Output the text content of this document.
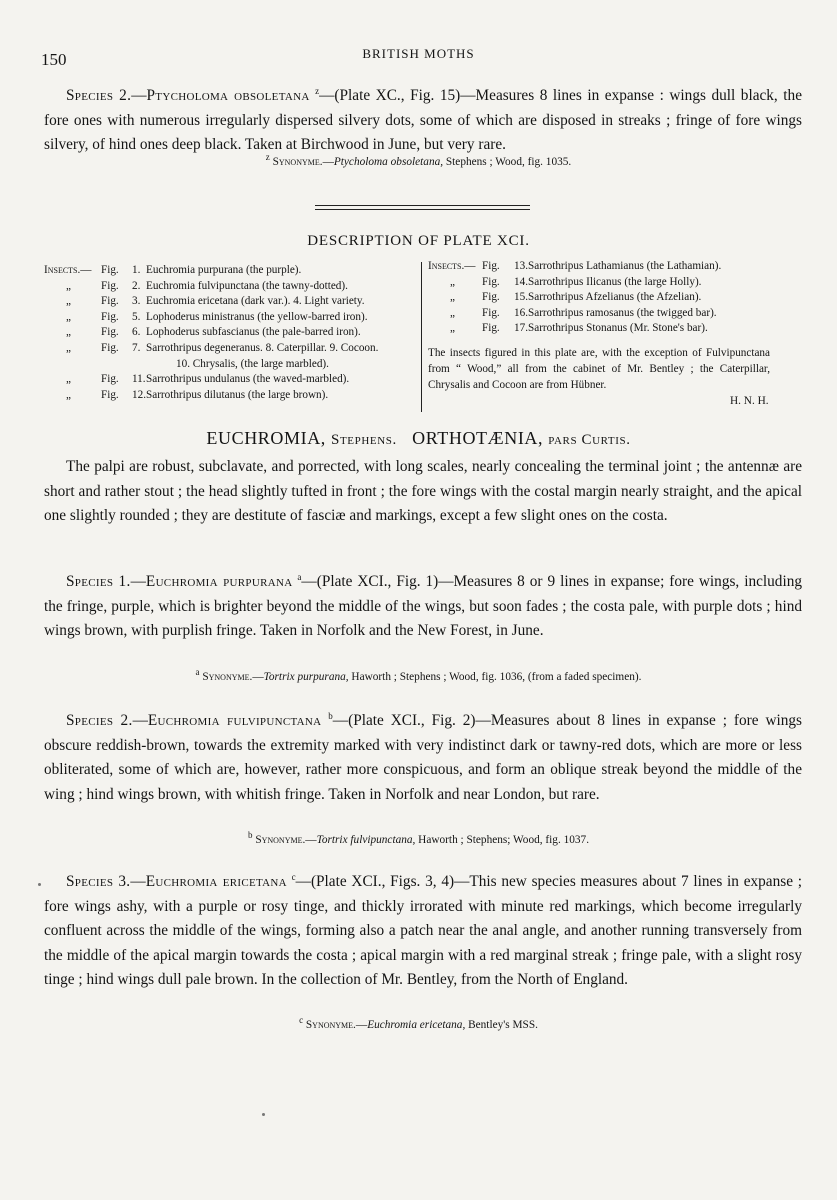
150	BRITISH MOTHS

Species 2.—Ptycholoma obsoletana $^z$—(Plate XC., Fig. 15)—Measures 8 lines in expanse : wings dull black, the fore ones with numerous irregularly dispersed silvery dots, some of which are disposed in streaks ; fringe of fore wings silvery, of hind ones deep black. Taken at Birchwood in June, but very rare.

$^z$ Synonyme.—Ptycholoma obsoletana, Stephens ; Wood, fig. 1035.
DESCRIPTION OF PLATE XCI.
Insects.— Fig. 1. Euchromia purpurana (the purple).
„	Fig. 2. Euchromia fulvipunctana (the tawny-dotted).
„	Fig. 3. Euchromia ericetana (dark var.). 4. Light variety.
„	Fig. 5. Lophoderus ministranus (the yellow-barred iron).
„	Fig. 6. Lophoderus subfascianus (the pale-barred iron).
„	Fig. 7. Sarrothripus degeneranus. 8. Caterpillar. 9. Cocoon.
10. Chrysalis, (the large marbled).
„	Fig. 11. Sarrothripus undulanus (the waved-marbled).
„	Fig. 12. Sarrothripus dilutanus (the large brown).
Insects.— Fig. 13. Sarrothripus Lathamianus (the Lathamian).
„ Fig. 14. Sarrothripus Ilicanus (the large Holly).
„ Fig. 15. Sarrothripus Afzelianus (the Afzelian).
„ Fig. 16. Sarrothripus ramosanus (the twigged bar).
„ Fig. 17. Sarrothripus Stonanus (Mr. Stone's bar).
The insects figured in this plate are, with the exception of Fulvipunctana from “ Wood,” all from the cabinet of Mr. Bentley ; the Caterpillar, Chrysalis and Cocoon are from Hübner.
H. N. H.
EUCHROMIA, Stephens. ORTHOTÆNIA, pars Curtis.

The palpi are robust, subclavate, and porrected, with long scales, nearly concealing the terminal joint ; the antennæ are short and rather stout ; the head slightly tufted in front ; the fore wings with the costal margin nearly straight, and the apical one slightly rounded ; they are destitute of fasciæ and markings, except a few slight ones on the costa.

Species 1.—Euchromia purpurana $^a$—(Plate XCI., Fig. 1)—Measures 8 or 9 lines in expanse; fore wings, including the fringe, purple, which is brighter beyond the middle of the wings, but soon fades ; the costa pale, with purple dots ; hind wings brown, with purplish fringe. Taken in Norfolk and the New Forest, in June.

$^a$ Synonyme.—Tortrix purpurana, Haworth ; Stephens ; Wood, fig. 1036, (from a faded specimen).

Species 2.—Euchromia fulvipunctana $^b$—(Plate XCI., Fig. 2)—Measures about 8 lines in expanse ; fore wings obscure reddish-brown, towards the extremity marked with very indistinct dark or tawny-red dots, which are more or less obliterated, some of which are, however, rather more conspicuous, and form an oblique streak beyond the middle of the wing ; hind wings brown, with whitish fringe. Taken in Norfolk and near London, but rare.

$^b$ Synonyme.—Tortrix fulvipunctana, Haworth ; Stephens; Wood, fig. 1037.

Species 3.—Euchromia ericetana $^c$—(Plate XCI., Figs. 3, 4)—This new species measures about 7 lines in expanse ; fore wings ashy, with a purple or rosy tinge, and thickly irrorated with minute red markings, which become irregularly confluent across the middle of the wings, forming also a patch near the anal angle, and another running transversely from the middle of the apical margin towards the costa ; apical margin with a red marginal streak ; fringe pale, with a slight rosy tinge ; hind wings dull pale brown. In the collection of Mr. Bentley, from the North of England.

$^c$ Synonyme.—Euchromia ericetana, Bentley's MSS.
